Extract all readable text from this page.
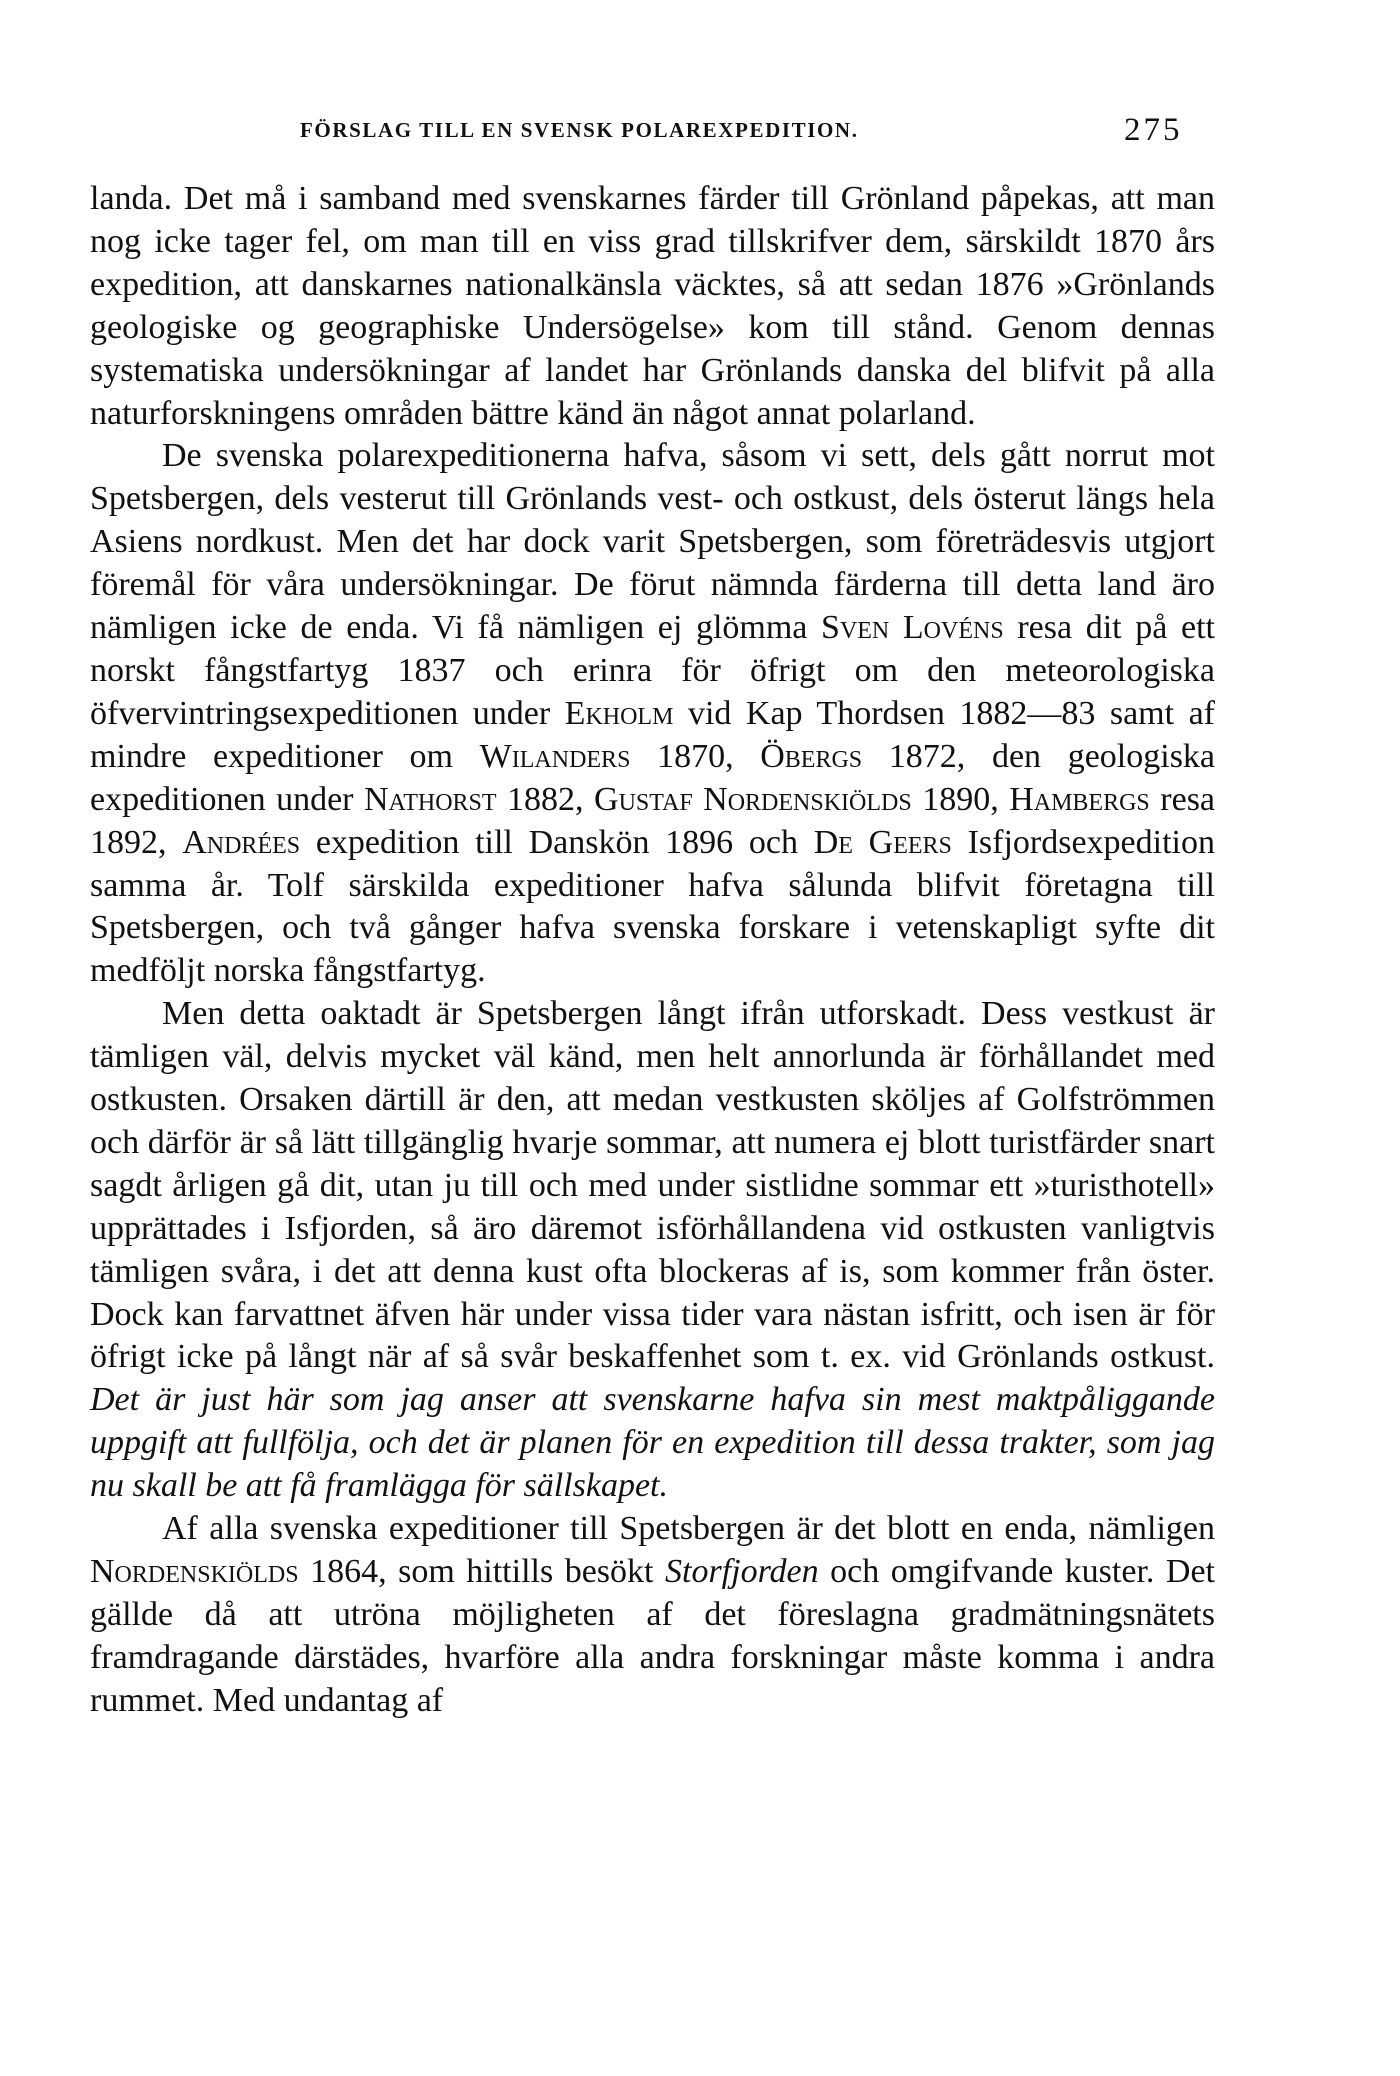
FÖRSLAG TILL EN SVENSK POLAREXPEDITION.	275

landa. Det må i samband med svenskarnes färder till Grönland påpekas, att man nog icke tager fel, om man till en viss grad tillskrifver dem, särskildt 1870 års expedition, att danskarnes nationalkänsla väcktes, så att sedan 1876 »Grönlands geologiske og geographiske Undersögelse» kom till stånd. Genom dennas systematiska undersökningar af landet har Grönlands danska del blifvit på alla naturforskningens områden bättre känd än något annat polarland.

De svenska polarexpeditionerna hafva, såsom vi sett, dels gått norrut mot Spetsbergen, dels vesterut till Grönlands vest- och ostkust, dels österut längs hela Asiens nordkust. Men det har dock varit Spetsbergen, som företrädesvis utgjort föremål för våra undersökningar. De förut nämnda färderna till detta land äro nämligen icke de enda. Vi få nämligen ej glömma Sven Lovéns resa dit på ett norskt fångstfartyg 1837 och erinra för öfrigt om den meteorologiska öfvervintringsexpeditionen under Ekholm vid Kap Thordsen 1882—83 samt af mindre expeditioner om Wilanders 1870, Öbergs 1872, den geologiska expeditionen under Nathorst 1882, Gustaf Nordenskiölds 1890, Hambergs resa 1892, Andrées expedition till Danskön 1896 och De Geers Isfjordsexpedition samma år. Tolf särskilda expeditioner hafva sålunda blifvit företagna till Spetsbergen, och två gånger hafva svenska forskare i vetenskapligt syfte dit medföljt norska fångstfartyg.

Men detta oaktadt är Spetsbergen långt ifrån utforskadt. Dess vestkust är tämligen väl, delvis mycket väl känd, men helt annorlunda är förhållandet med ostkusten. Orsaken därtill är den, att medan vestkusten sköljes af Golfströmmen och därför är så lätt tillgänglig hvarje sommar, att numera ej blott turistfärder snart sagdt årligen gå dit, utan ju till och med under sistlidne sommar ett »turisthotell» upprättades i Isfjorden, så äro däremot isförhållandena vid ostkusten vanligtvis tämligen svåra, i det att denna kust ofta blockeras af is, som kommer från öster. Dock kan farvattnet äfven här under vissa tider vara nästan isfritt, och isen är för öfrigt icke på långt när af så svår beskaffenhet som t. ex. vid Grönlands ostkust. Det är just här som jag anser att svenskarne hafva sin mest maktpåliggande uppgift att fullfölja, och det är planen för en expedition till dessa trakter, som jag nu skall be att få framlägga för sällskapet.

Af alla svenska expeditioner till Spetsbergen är det blott en enda, nämligen Nordenskiölds 1864, som hittills besökt Storfjorden och omgifvande kuster. Det gällde då att utröna möjligheten af det föreslagna gradmätningsnätets framdragande därstädes, hvarföre alla andra forskningar måste komma i andra rummet. Med undantag af
